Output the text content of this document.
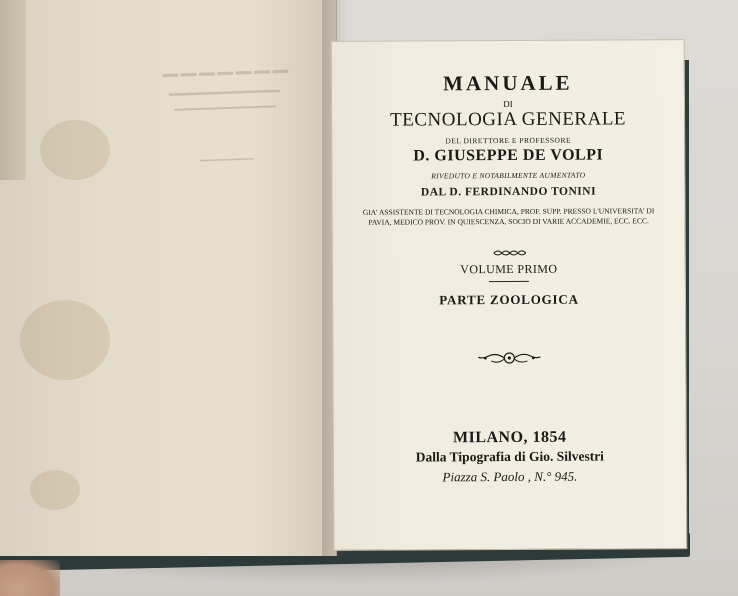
▁▁▁▁▁▁▁
▁▁▁▁▁▁▁▁▁
▁▁▁▁▁▁▁▁▁▁▁
▁▁▁▁▁▁▁
MANUALE
DI
TECNOLOGIA GENERALE
DEL DIRETTORE E PROFESSORE
D. GIUSEPPE DE VOLPI
RIVEDUTO E NOTABILMENTE AUMENTATO
DAL D. FERDINANDO TONINI
GIA' ASSISTENTE DI TECNOLOGIA CHIMICA, PROF. SUPP. PRESSO L'UNIVERSITA' DI PAVIA, MEDICO PROV. IN QUIESCENZA, SOCIO DI VARIE ACCADEMIE, ECC. ECC.
VOLUME PRIMO
PARTE ZOOLOGICA
MILANO, 1854
Dalla Tipografia di Gio. Silvestri
Piazza S. Paolo , N.° 945.
